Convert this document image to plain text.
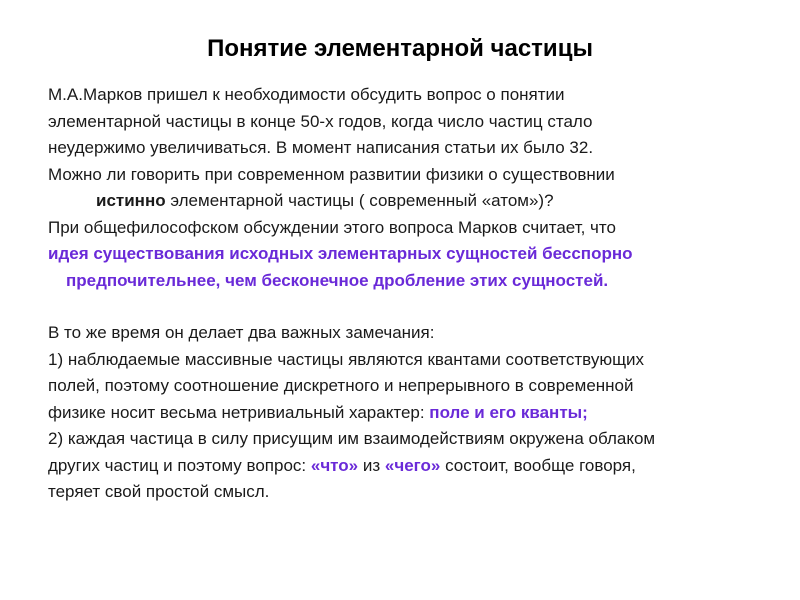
Понятие элементарной частицы
М.А.Марков пришел к необходимости обсудить вопрос о понятии
элементарной частицы в конце 50-х годов, когда число частиц стало
неудержимо увеличиваться. В момент написания статьи их было 32.
Можно ли говорить при современном развитии физики о существовнии
истинно элементарной частицы ( современный «атом»)?
При общефилософском обсуждении этого вопроса Марков считает, что
идея существования исходных элементарных сущностей бесспорно
предпочительнее, чем бесконечное дробление этих сущностей.
В то же время он делает два важных замечания:
1) наблюдаемые массивные частицы являются квантами соответствующих
полей, поэтому соотношение дискретного и непрерывного в современной
физике носит весьма нетривиальный характер: поле и его кванты;
2) каждая частица в силу присущим им взаимодействиям окружена облаком
других частиц и поэтому вопрос: «что» из «чего» состоит, вообще говоря,
теряет свой простой смысл.
